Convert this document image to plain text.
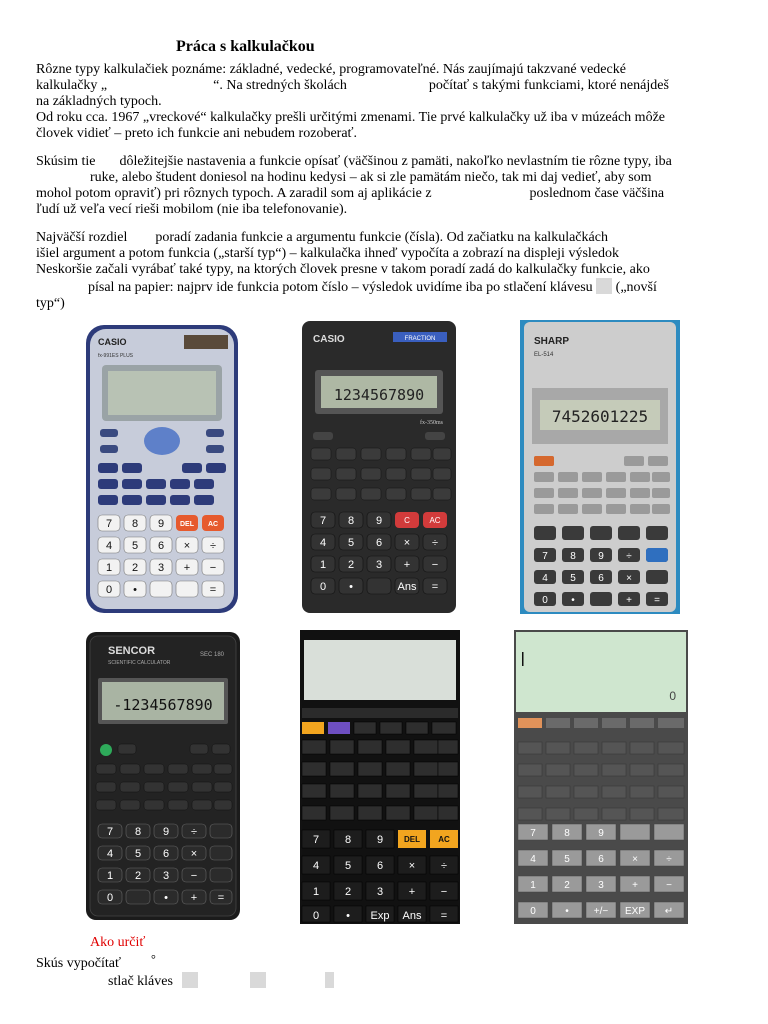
Práca s kalkulačkou
Rôzne typy kalkulačiek poznáme: základné, vedecké, programovateľné. Nás zaujímajú takzvané vedecké
kalkulačky „	“. Na stredných školách	počítať s takými funkciami, ktoré nenájdeš
na základných typoch.
Od roku cca. 1967 „vreckové“ kalkulačky prešli určitými zmenami. Tie prvé kalkulačky už iba v múzeách môže
človek vidieť – preto ich funkcie ani nebudem rozoberať.
Skúsim tie dôležitejšie nastavenia a funkcie opísať (väčšinou z pamäti, nakoľko nevlastním tie rôzne typy, iba
ruke, alebo študent doniesol na hodinu kedysi – ak si zle pamätám niečo, tak mi daj vedieť, aby som
mohol potom opraviť) pri rôznych typoch. A zaradil som aj aplikácie z	poslednom čase väčšina
ľudí už veľa vecí rieši mobilom (nie iba telefonovanie).
Najväčší rozdiel poradí zadania funkcie a argumentu funkcie (čísla). Od začiatku na kalkulačkách
išiel argument a potom funkcia („starší typ“) – kalkulačka ihneď vypočíta a zobrazí na displeji výsledok
Neskoršie začali vyrábať také typy, na ktorých človek presne v takom poradí zadá do kalkulačky funkcie, ako
písal na papier: najprv ide funkcia potom číslo – výsledok uvidíme iba po stlačení klávesu („novší
typ“)
Ako určiť
Skús vypočítať	°
stlač kláves
CASIO
fx-991ES PLUS
7 8 9
4 5 6 × ÷
1 2 3 + −
0 •	=
DEL AC
CASIO	FRACTION
1234567890
fx-350ms
7 8 9
4 5 6 × ÷
1 2 3 + −
0 •	Ans =
C AC
SHARP
EL-514
7452601225
7 8 9 ÷
4 5 6 ×
0 •	+ =
SENCOR
SCIENTIFIC CALCULATOR
SEC 180
-1234567890
7 8 9 ÷
4 5 6 ×
1 2 3 −
0	• + =
7 8 9
4 5 6 × ÷
1 2 3 + −
0 • Exp Ans =
DEL AC
0
7	8	9
4	5	6	×	÷
1	2	3	+	−
0	•	+/− EXP ↵
